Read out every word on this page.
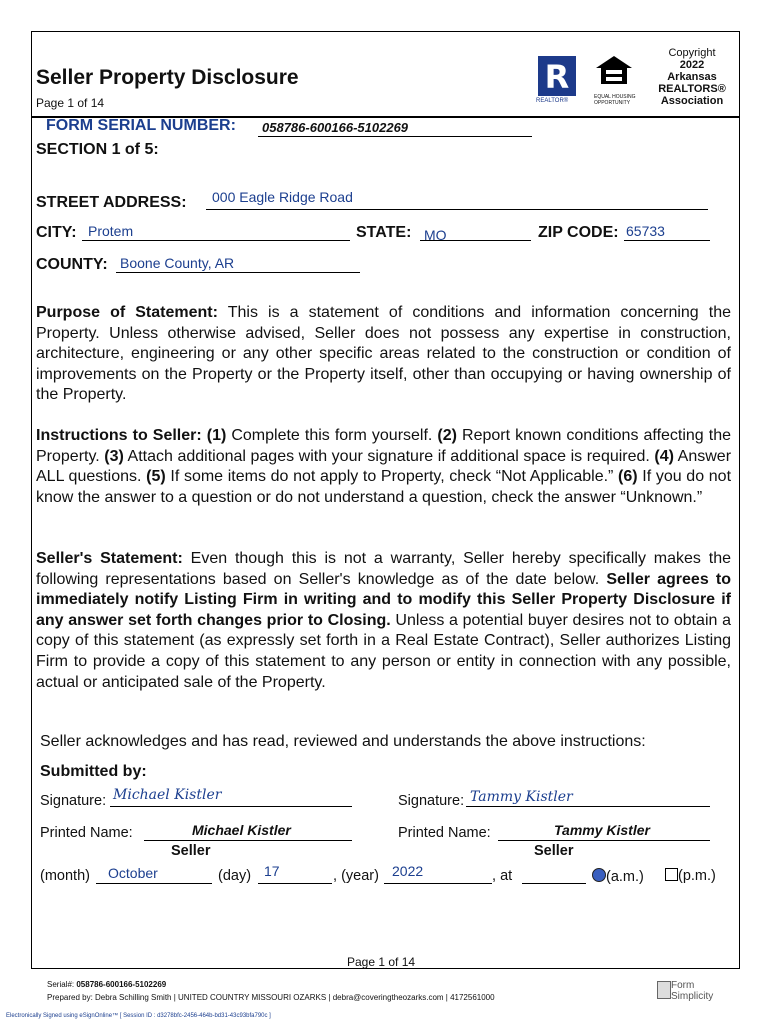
Seller Property Disclosure
Page 1 of 14
R
REALTOR®
EQUAL HOUSING OPPORTUNITY
Copyright
2022
Arkansas
REALTORS®
Association
FORM SERIAL NUMBER: 058786-600166-5102269
SECTION 1 of 5:
STREET ADDRESS: 000 Eagle Ridge Road
CITY: Protem	STATE: MO	ZIP CODE: 65733
COUNTY: Boone County, AR
Purpose of Statement: This is a statement of conditions and information concerning the Property. Unless otherwise advised, Seller does not possess any expertise in construction, architecture, engineering or any other specific areas related to the construction or condition of improvements on the Property or the Property itself, other than occupying or having ownership of the Property.
Instructions to Seller: (1) Complete this form yourself. (2) Report known conditions affecting the Property. (3) Attach additional pages with your signature if additional space is required. (4) Answer ALL questions. (5) If some items do not apply to Property, check “Not Applicable.” (6) If you do not know the answer to a question or do not understand a question, check the answer “Unknown.”
Seller's Statement: Even though this is not a warranty, Seller hereby specifically makes the following representations based on Seller's knowledge as of the date below. Seller agrees to immediately notify Listing Firm in writing and to modify this Seller Property Disclosure if any answer set forth changes prior to Closing. Unless a potential buyer desires not to obtain a copy of this statement (as expressly set forth in a Real Estate Contract), Seller authorizes Listing Firm to provide a copy of this statement to any person or entity in connection with any possible, actual or anticipated sale of the Property.
Seller acknowledges and has read, reviewed and understands the above instructions:
Submitted by:
Signature: Michael Kistler	Signature: Tammy Kistler
Printed Name:	Michael Kistler	Printed Name:	Tammy Kistler
Seller	Seller
(month) October	(day) 17	, (year) 2022	, at	(a.m.)	(p.m.)
Page 1 of 14
Serial#: 058786-600166-5102269
Prepared by: Debra Schilling Smith | UNITED COUNTRY MISSOURI OZARKS | debra@coveringtheozarks.com | 4172561000
Form
Simplicity
Electronically Signed using eSignOnline™ [ Session ID : d3278bfc-2456-464b-bd31-43c93bfa790c ]
